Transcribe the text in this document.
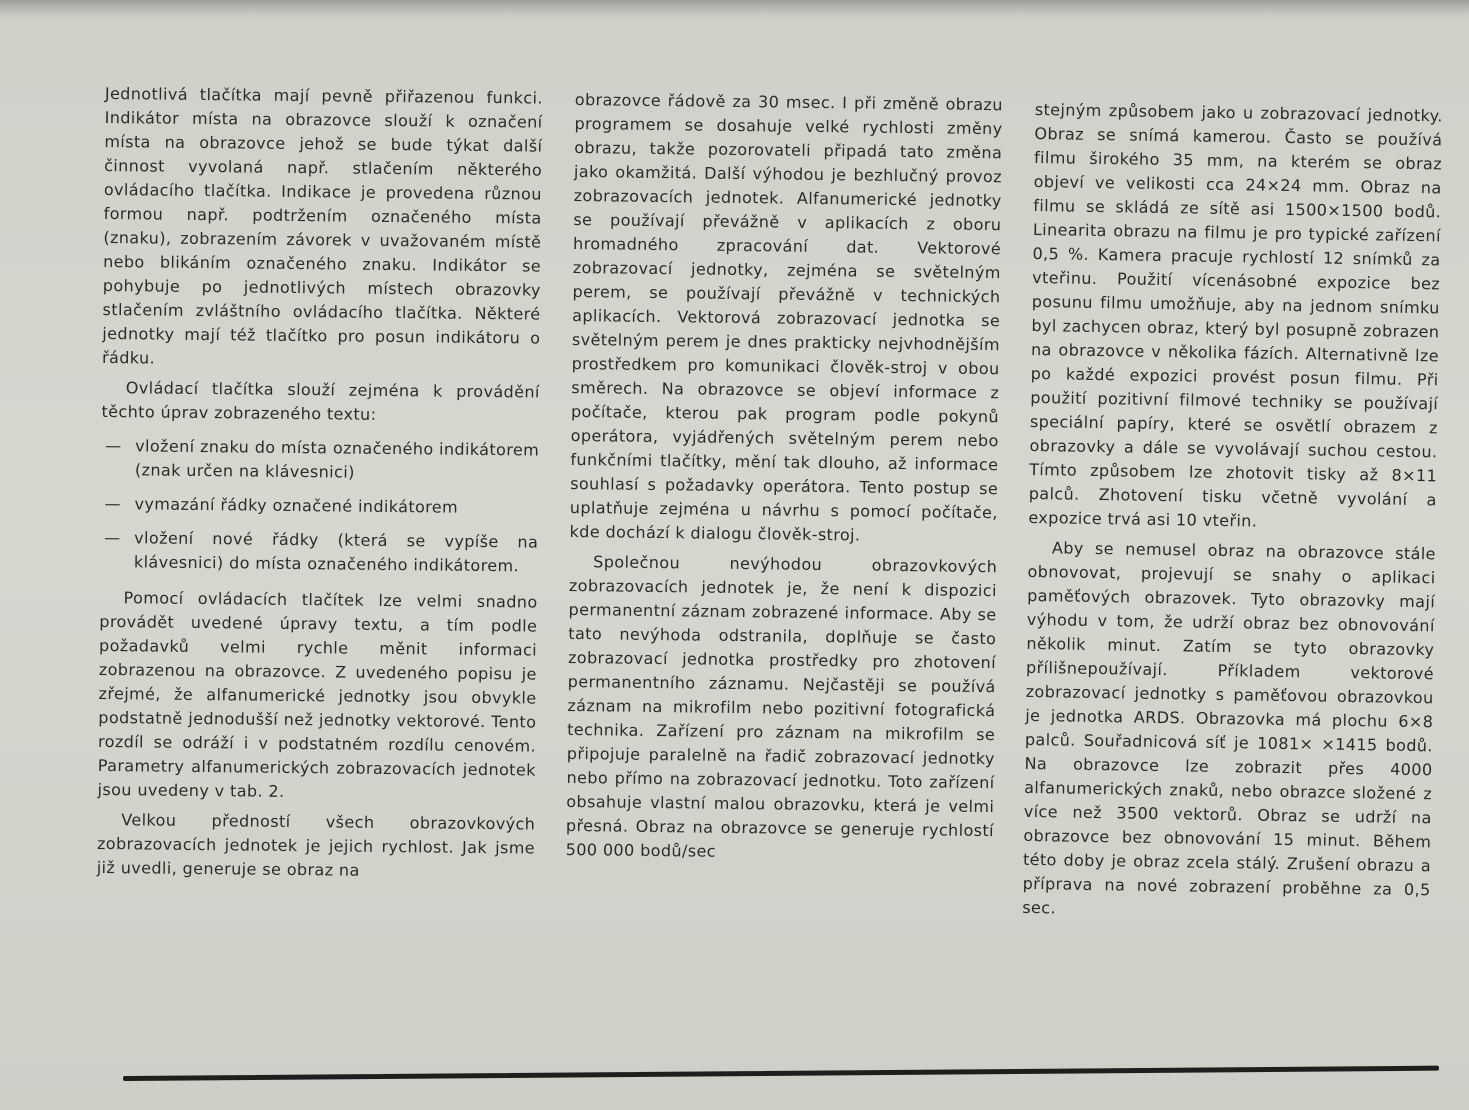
Jednotlivá tlačítka mají pevně přiřazenou funkci. Indikátor místa na obrazovce slouží k označení místa na obrazovce jehož se bude týkat další činnost vyvolaná např. stlačením některého ovládacího tlačítka. Indikace je provedena různou formou např. podtržením označeného místa (znaku), zobrazením závorek v uvažovaném místě nebo blikáním označeného znaku. Indikátor se pohybuje po jednotlivých místech obrazovky stlačením zvláštního ovládacího tlačítka. Některé jednotky mají též tlačítko pro posun indikátoru o řádku.

Ovládací tlačítka slouží zejména k provádění těchto úprav zobrazeného textu:

— vložení znaku do místa označeného indikátorem (znak určen na klávesnici)
— vymazání řádky označené indikátorem
— vložení nové řádky (která se vypíše na klávesnici) do místa označeného indikátorem.

Pomocí ovládacích tlačítek lze velmi snadno provádět uvedené úpravy textu, a tím podle požadavků velmi rychle měnit informaci zobrazenou na obrazovce. Z uvedeného popisu je zřejmé, že alfanumerické jednotky jsou obvykle podstatně jednodušší než jednotky vektorové. Tento rozdíl se odráží i v podstatném rozdílu cenovém. Parametry alfanumerických zobrazovacích jednotek jsou uvedeny v tab. 2.

Velkou předností všech obrazovkových zobrazovacích jednotek je jejich rychlost. Jak jsme již uvedli, generuje se obraz na

obrazovce řádově za 30 msec. I při změně obrazu programem se dosahuje velké rychlosti změny obrazu, takže pozorovateli připadá tato změna jako okamžitá. Další výhodou je bezhlučný provoz zobrazovacích jednotek. Alfanumerické jednotky se používají převážně v aplikacích z oboru hromadného zpracování dat. Vektorové zobrazovací jednotky, zejména se světelným perem, se používají převážně v technických aplikacích. Vektorová zobrazovací jednotka se světelným perem je dnes prakticky nejvhodnějším prostředkem pro komunikaci člověk-stroj v obou směrech. Na obrazovce se objeví informace z počítače, kterou pak program podle pokynů operátora, vyjádřených světelným perem nebo funkčními tlačítky, mění tak dlouho, až informace souhlasí s požadavky operátora. Tento postup se uplatňuje zejména u návrhu s pomocí počítače, kde dochází k dialogu člověk-stroj.

Společnou nevýhodou obrazovkových zobrazovacích jednotek je, že není k dispozici permanentní záznam zobrazené informace. Aby se tato nevýhoda odstranila, doplňuje se často zobrazovací jednotka prostředky pro zhotovení permanentního záznamu. Nejčastěji se používá záznam na mikrofilm nebo pozitivní fotografická technika. Zařízení pro záznam na mikrofilm se připojuje paralelně na řadič zobrazovací jednotky nebo přímo na zobrazovací jednotku. Toto zařízení obsahuje vlastní malou obrazovku, která je velmi přesná. Obraz na obrazovce se generuje rychlostí 500 000 bodů/sec

stejným způsobem jako u zobrazovací jednotky. Obraz se snímá kamerou. Často se používá filmu širokého 35 mm, na kterém se obraz objeví ve velikosti cca 24×24 mm. Obraz na filmu se skládá ze sítě asi 1500×1500 bodů. Linearita obrazu na filmu je pro typické zařízení 0,5 %. Kamera pracuje rychlostí 12 snímků za vteřinu. Použití vícenásobné expozice bez posunu filmu umožňuje, aby na jednom snímku byl zachycen obraz, který byl posupně zobrazen na obrazovce v několika fázích. Alternativně lze po každé expozici provést posun filmu. Při použití pozitivní filmové techniky se používají speciální papíry, které se osvětlí obrazem z obrazovky a dále se vyvolávají suchou cestou. Tímto způsobem lze zhotovit tisky až 8×11 palců. Zhotovení tisku včetně vyvolání a expozice trvá asi 10 vteřin.

Aby se nemusel obraz na obrazovce stále obnovovat, projevují se snahy o aplikaci paměťových obrazovek. Tyto obrazovky mají výhodu v tom, že udrží obraz bez obnovování několik minut. Zatím se tyto obrazovky přílišnepoužívají. Příkladem vektorové zobrazovací jednotky s paměťovou obrazovkou je jednotka ARDS. Obrazovka má plochu 6×8 palců. Souřadnicová síť je 1081× ×1415 bodů. Na obrazovce lze zobrazit přes 4000 alfanumerických znaků, nebo obrazce složené z více než 3500 vektorů. Obraz se udrží na obrazovce bez obnovování 15 minut. Během této doby je obraz zcela stálý. Zrušení obrazu a příprava na nové zobrazení proběhne za 0,5 sec.
